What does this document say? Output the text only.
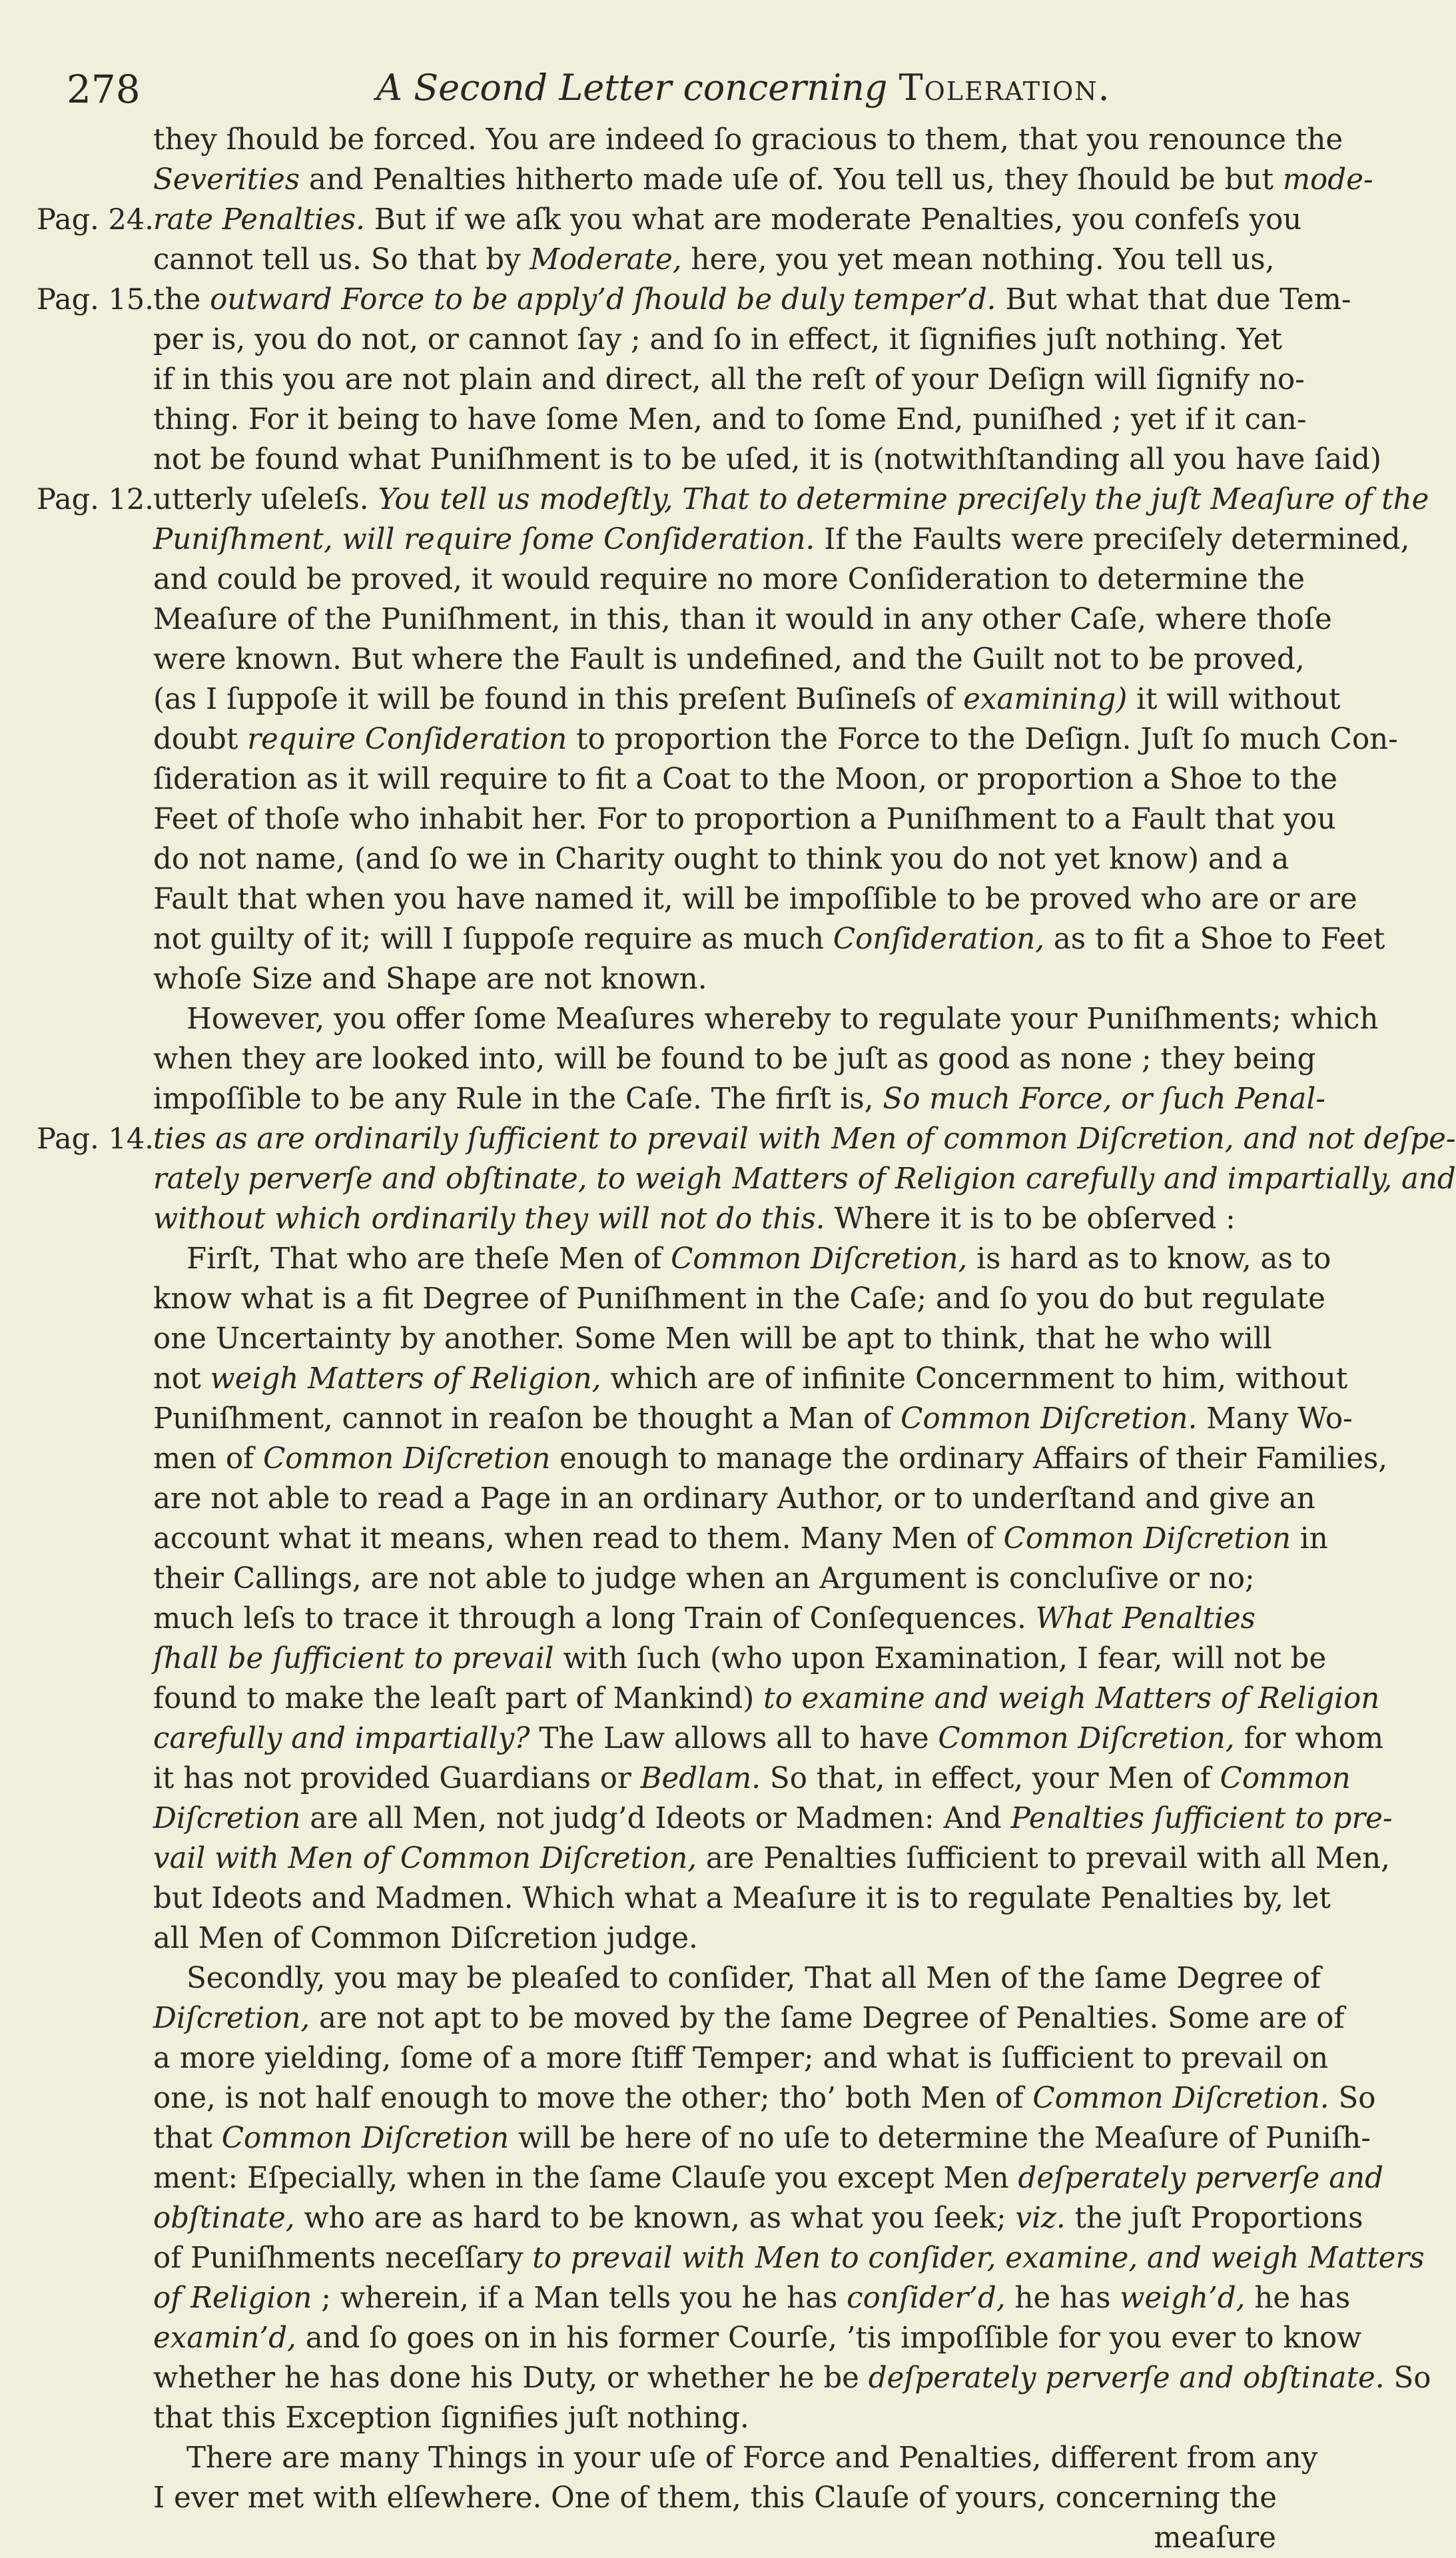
278	A Second Letter concerning Toleration.
Pag. 24.
Pag. 15.
Pag. 12.
Pag. 14.
they ſhould be forced. You are indeed ſo gracious to them, that you renounce the
Severities and Penalties hitherto made uſe of. You tell us, they ſhould be but mode-
rate Penalties. But if we aſk you what are moderate Penalties, you confeſs you
cannot tell us. So that by Moderate, here, you yet mean nothing. You tell us,
the outward Force to be apply’d ſhould be duly temper’d. But what that due Tem-
per is, you do not, or cannot ſay ; and ſo in effect, it ſignifies juſt nothing. Yet
if in this you are not plain and direct, all the reſt of your Deſign will ſignify no-
thing. For it being to have ſome Men, and to ſome End, puniſhed ; yet if it can-
not be found what Puniſhment is to be uſed, it is (notwithſtanding all you have ſaid)
utterly uſeleſs. You tell us modeſtly, That to determine preciſely the juſt Meaſure of the
Puniſhment, will require ſome Conſideration. If the Faults were preciſely determined,
and could be proved, it would require no more Conſideration to determine the
Meaſure of the Puniſhment, in this, than it would in any other Caſe, where thoſe
were known. But where the Fault is undefined, and the Guilt not to be proved,
(as I ſuppoſe it will be found in this preſent Buſineſs of examining) it will without
doubt require Conſideration to proportion the Force to the Deſign. Juſt ſo much Con-
ſideration as it will require to fit a Coat to the Moon, or proportion a Shoe to the
Feet of thoſe who inhabit her. For to proportion a Puniſhment to a Fault that you
do not name, (and ſo we in Charity ought to think you do not yet know) and a
Fault that when you have named it, will be impoſſible to be proved who are or are
not guilty of it; will I ſuppoſe require as much Conſideration, as to fit a Shoe to Feet
whoſe Size and Shape are not known.
However, you offer ſome Meaſures whereby to regulate your Puniſhments; which
when they are looked into, will be found to be juſt as good as none ; they being
impoſſible to be any Rule in the Caſe. The firſt is, So much Force, or ſuch Penal-
ties as are ordinarily ſufficient to prevail with Men of common Diſcretion, and not deſpe-
rately perverſe and obſtinate, to weigh Matters of Religion carefully and impartially, and
without which ordinarily they will not do this. Where it is to be obſerved :
Firſt, That who are theſe Men of Common Diſcretion, is hard as to know, as to
know what is a fit Degree of Puniſhment in the Caſe; and ſo you do but regulate
one Uncertainty by another. Some Men will be apt to think, that he who will
not weigh Matters of Religion, which are of infinite Concernment to him, without
Puniſhment, cannot in reaſon be thought a Man of Common Diſcretion. Many Wo-
men of Common Diſcretion enough to manage the ordinary Affairs of their Families,
are not able to read a Page in an ordinary Author, or to underſtand and give an
account what it means, when read to them. Many Men of Common Diſcretion in
their Callings, are not able to judge when an Argument is concluſive or no;
much leſs to trace it through a long Train of Conſequences. What Penalties
ſhall be ſufficient to prevail with ſuch (who upon Examination, I fear, will not be
found to make the leaſt part of Mankind) to examine and weigh Matters of Religion
carefully and impartially? The Law allows all to have Common Diſcretion, for whom
it has not provided Guardians or Bedlam. So that, in effect, your Men of Common
Diſcretion are all Men, not judg’d Ideots or Madmen: And Penalties ſufficient to pre-
vail with Men of Common Diſcretion, are Penalties ſufficient to prevail with all Men,
but Ideots and Madmen. Which what a Meaſure it is to regulate Penalties by, let
all Men of Common Diſcretion judge.
Secondly, you may be pleaſed to conſider, That all Men of the ſame Degree of
Diſcretion, are not apt to be moved by the ſame Degree of Penalties. Some are of
a more yielding, ſome of a more ſtiff Temper; and what is ſufficient to prevail on
one, is not half enough to move the other; tho’ both Men of Common Diſcretion. So
that Common Diſcretion will be here of no uſe to determine the Meaſure of Puniſh-
ment: Eſpecially, when in the ſame Clauſe you except Men deſperately perverſe and
obſtinate, who are as hard to be known, as what you ſeek; viz. the juſt Proportions
of Puniſhments neceſſary to prevail with Men to conſider, examine, and weigh Matters
of Religion ; wherein, if a Man tells you he has conſider’d, he has weigh’d, he has
examin’d, and ſo goes on in his former Courſe, ’tis impoſſible for you ever to know
whether he has done his Duty, or whether he be deſperately perverſe and obſtinate. So
that this Exception ſignifies juſt nothing.
There are many Things in your uſe of Force and Penalties, different from any
I ever met with elſewhere. One of them, this Clauſe of yours, concerning the
meaſure
